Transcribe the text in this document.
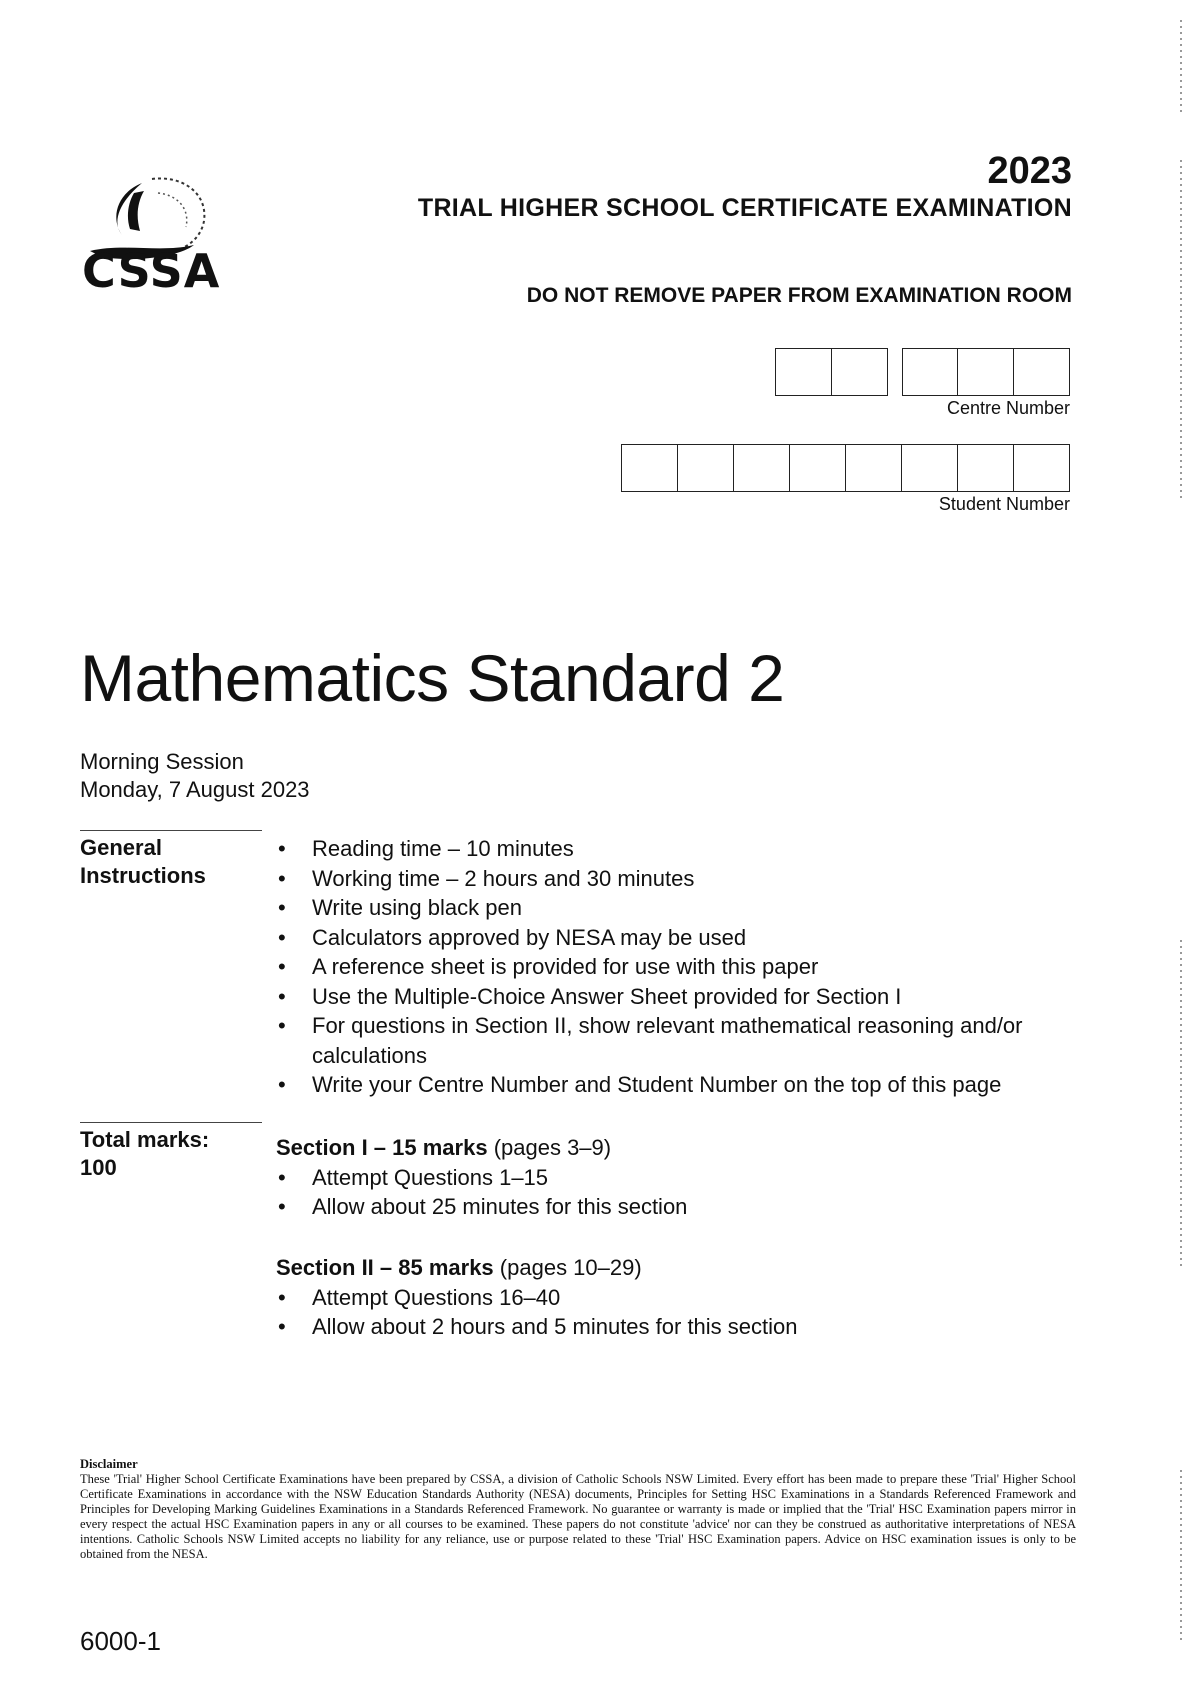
CSSA
2023
TRIAL HIGHER SCHOOL CERTIFICATE EXAMINATION
DO NOT REMOVE PAPER FROM EXAMINATION ROOM
Centre Number
Student Number
Mathematics Standard 2
Morning Session
Monday, 7 August 2023
General
Instructions
•	Reading time – 10 minutes
•	Working time – 2 hours and 30 minutes
•	Write using black pen
•	Calculators approved by NESA may be used
•	A reference sheet is provided for use with this paper
•	Use the Multiple-Choice Answer Sheet provided for Section I
•	For questions in Section II, show relevant mathematical reasoning and/or calculations
•	Write your Centre Number and Student Number on the top of this page
Total marks:
100
Section I – 15 marks (pages 3–9)
•	Attempt Questions 1–15
•	Allow about 25 minutes for this section
Section II – 85 marks (pages 10–29)
•	Attempt Questions 16–40
•	Allow about 2 hours and 5 minutes for this section
Disclaimer
These 'Trial' Higher School Certificate Examinations have been prepared by CSSA, a division of Catholic Schools NSW Limited. Every effort has been made to prepare these 'Trial' Higher School Certificate Examinations in accordance with the NSW Education Standards Authority (NESA) documents, Principles for Setting HSC Examinations in a Standards Referenced Framework and Principles for Developing Marking Guidelines Examinations in a Standards Referenced Framework. No guarantee or warranty is made or implied that the 'Trial' HSC Examination papers mirror in every respect the actual HSC Examination papers in any or all courses to be examined. These papers do not constitute 'advice' nor can they be construed as authoritative interpretations of NESA intentions. Catholic Schools NSW Limited accepts no liability for any reliance, use or purpose related to these 'Trial' HSC Examination papers. Advice on HSC examination issues is only to be obtained from the NESA.
6000-1
